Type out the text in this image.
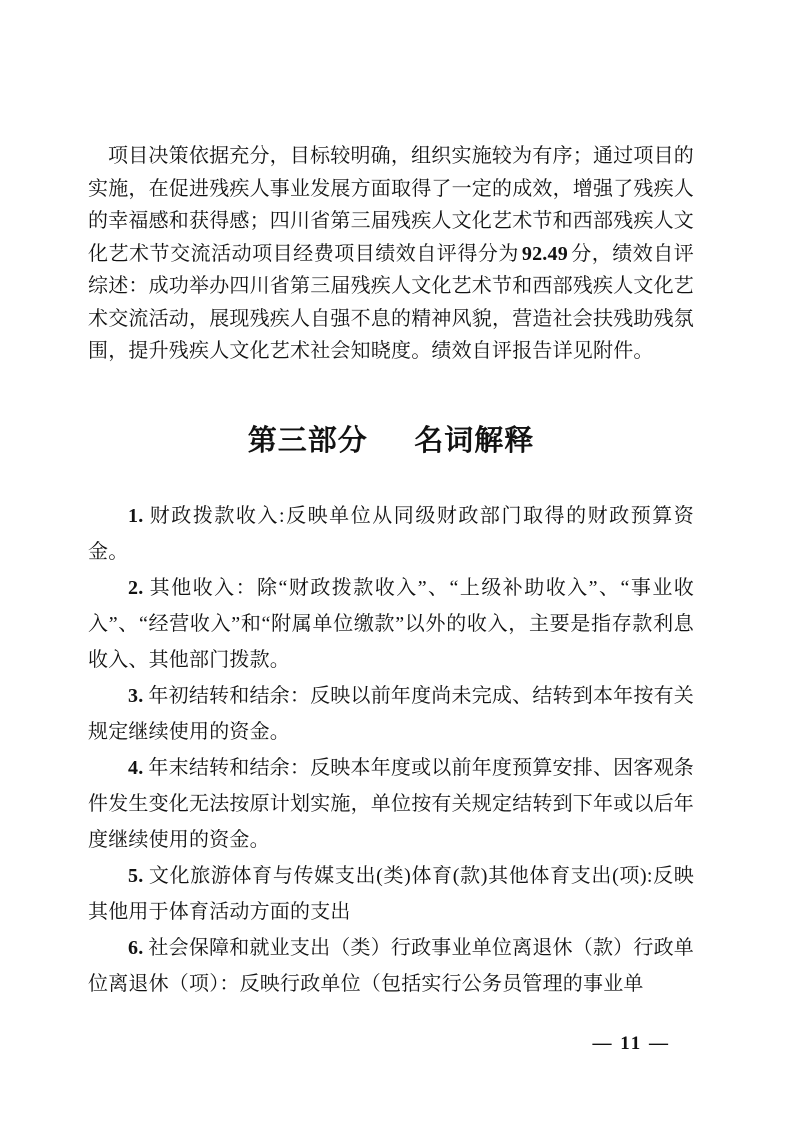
项目决策依据充分，目标较明确，组织实施较为有序；通过项目的实施，在促进残疾人事业发展方面取得了一定的成效，增强了残疾人的幸福感和获得感；四川省第三届残疾人文化艺术节和西部残疾人文化艺术节交流活动项目经费项目绩效自评得分为 92.49 分，绩效自评综述：成功举办四川省第三届残疾人文化艺术节和西部残疾人文化艺术交流活动，展现残疾人自强不息的精神风貌，营造社会扶残助残氛围，提升残疾人文化艺术社会知晓度。绩效自评报告详见附件。

第三部分 名词解释

1. 财政拨款收入:反映单位从同级财政部门取得的财政预算资金。

2. 其他收入：除“财政拨款收入”、“上级补助收入”、“事业收入”、“经营收入”和“附属单位缴款”以外的收入，主要是指存款利息收入、其他部门拨款。

3. 年初结转和结余：反映以前年度尚未完成、结转到本年按有关规定继续使用的资金。

4. 年末结转和结余：反映本年度或以前年度预算安排、因客观条件发生变化无法按原计划实施，单位按有关规定结转到下年或以后年度继续使用的资金。

5. 文化旅游体育与传媒支出(类)体育(款)其他体育支出(项):反映其他用于体育活动方面的支出

6. 社会保障和就业支出（类）行政事业单位离退休（款）行政单位离退休（项）：反映行政单位（包括实行公务员管理的事业单

— 11 —
